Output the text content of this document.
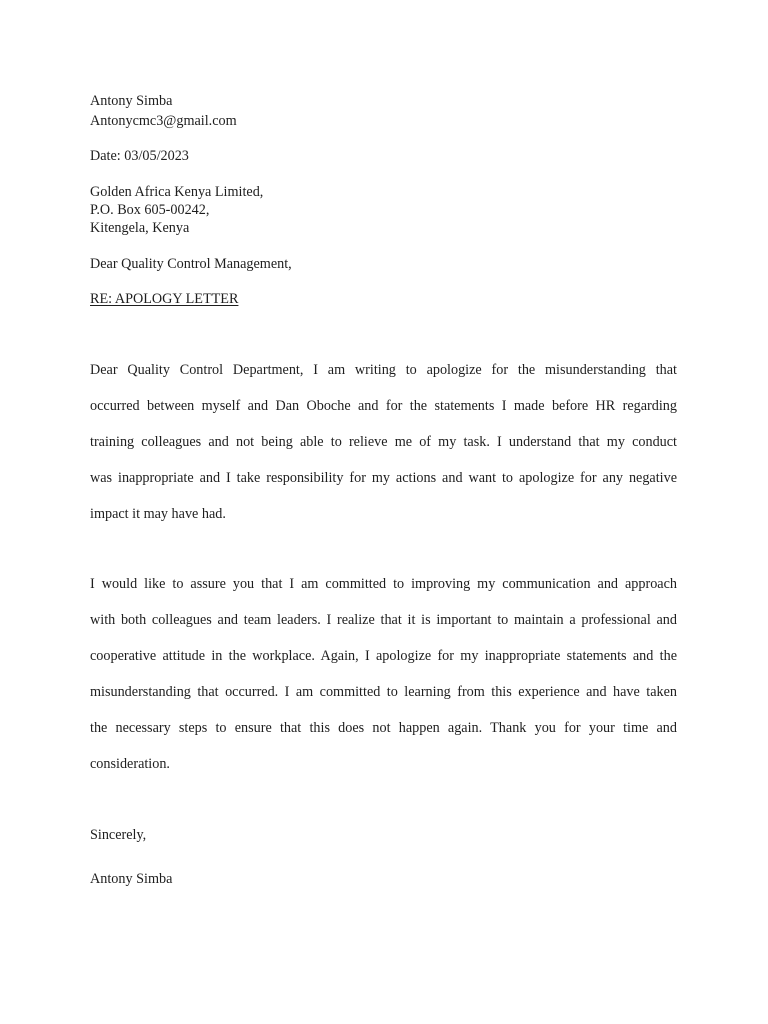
Antony Simba
Antonycmc3@gmail.com
Date: 03/05/2023
Golden Africa Kenya Limited,
P.O. Box 605-00242,
Kitengela, Kenya
Dear Quality Control Management,
RE: APOLOGY LETTER
Dear Quality Control Department, I am writing to apologize for the misunderstanding that
occurred between myself and Dan Oboche and for the statements I made before HR regarding
training colleagues and not being able to relieve me of my task. I understand that my conduct
was inappropriate and I take responsibility for my actions and want to apologize for any negative
impact it may have had.
I would like to assure you that I am committed to improving my communication and approach
with both colleagues and team leaders. I realize that it is important to maintain a professional and
cooperative attitude in the workplace. Again, I apologize for my inappropriate statements and the
misunderstanding that occurred. I am committed to learning from this experience and have taken
the necessary steps to ensure that this does not happen again. Thank you for your time and
consideration.
Sincerely,
Antony Simba
